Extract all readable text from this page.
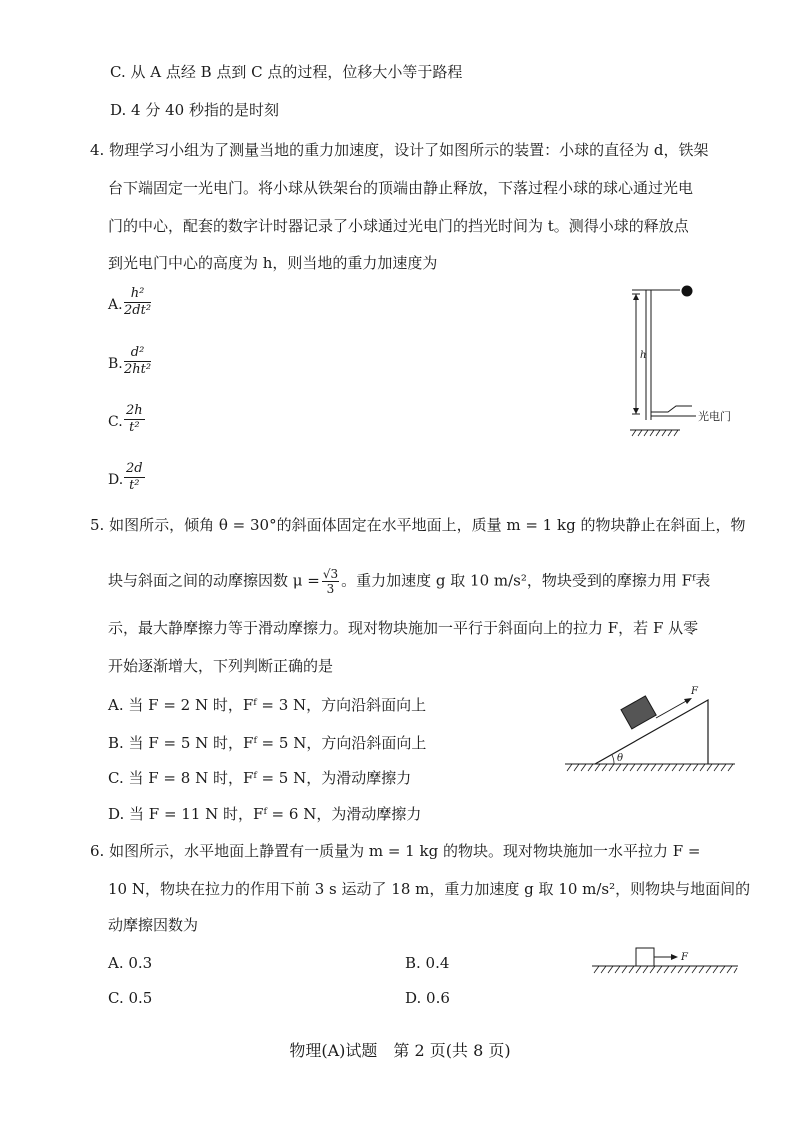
C. 从 A 点经 B 点到 C 点的过程，位移大小等于路程
D. 4 分 40 秒指的是时刻
4. 物理学习小组为了测量当地的重力加速度，设计了如图所示的装置：小球的直径为 d，铁架
台下端固定一光电门。将小球从铁架台的顶端由静止释放，下落过程小球的球心通过光电
门的中心，配套的数字计时器记录了小球通过光电门的挡光时间为 t。测得小球的释放点
到光电门中心的高度为 h，则当地的重力加速度为
A. $\frac{\text{h²}}{\text{2dt²}}$
B. $\frac{\text{d²}}{\text{2ht²}}$
C. $\frac{2h}{\text{t²}}$
D. $\frac{2d}{\text{t²}}$
h
光电门
5. 如图所示，倾角 θ = 30°的斜面体固定在水平地面上，质量 m = 1 kg 的物块静止在斜面上，物
块与斜面之间的动摩擦因数 $\mu = \frac{√3}{3}$ 。重力加速度 g 取 10 m/s²，物块受到的摩擦力用 Fᶠ表
示，最大静摩擦力等于滑动摩擦力。现对物块施加一平行于斜面向上的拉力 F，若 F 从零
开始逐渐增大，下列判断正确的是
A. 当 F = 2 N 时，Fᶠ = 3 N，方向沿斜面向上
B. 当 F = 5 N 时，Fᶠ = 5 N，方向沿斜面向上
C. 当 F = 8 N 时，Fᶠ = 5 N，为滑动摩擦力
D. 当 F = 11 N 时，Fᶠ = 6 N，为滑动摩擦力
F
θ
6. 如图所示，水平地面上静置有一质量为 m = 1 kg 的物块。现对物块施加一水平拉力 F =
10 N，物块在拉力的作用下前 3 s 运动了 18 m，重力加速度 g 取 10 m/s²，则物块与地面间的
动摩擦因数为
A. 0.3	B. 0.4
C. 0.5	D. 0.6
F
物理(A)试题　第 2 页(共 8 页)
